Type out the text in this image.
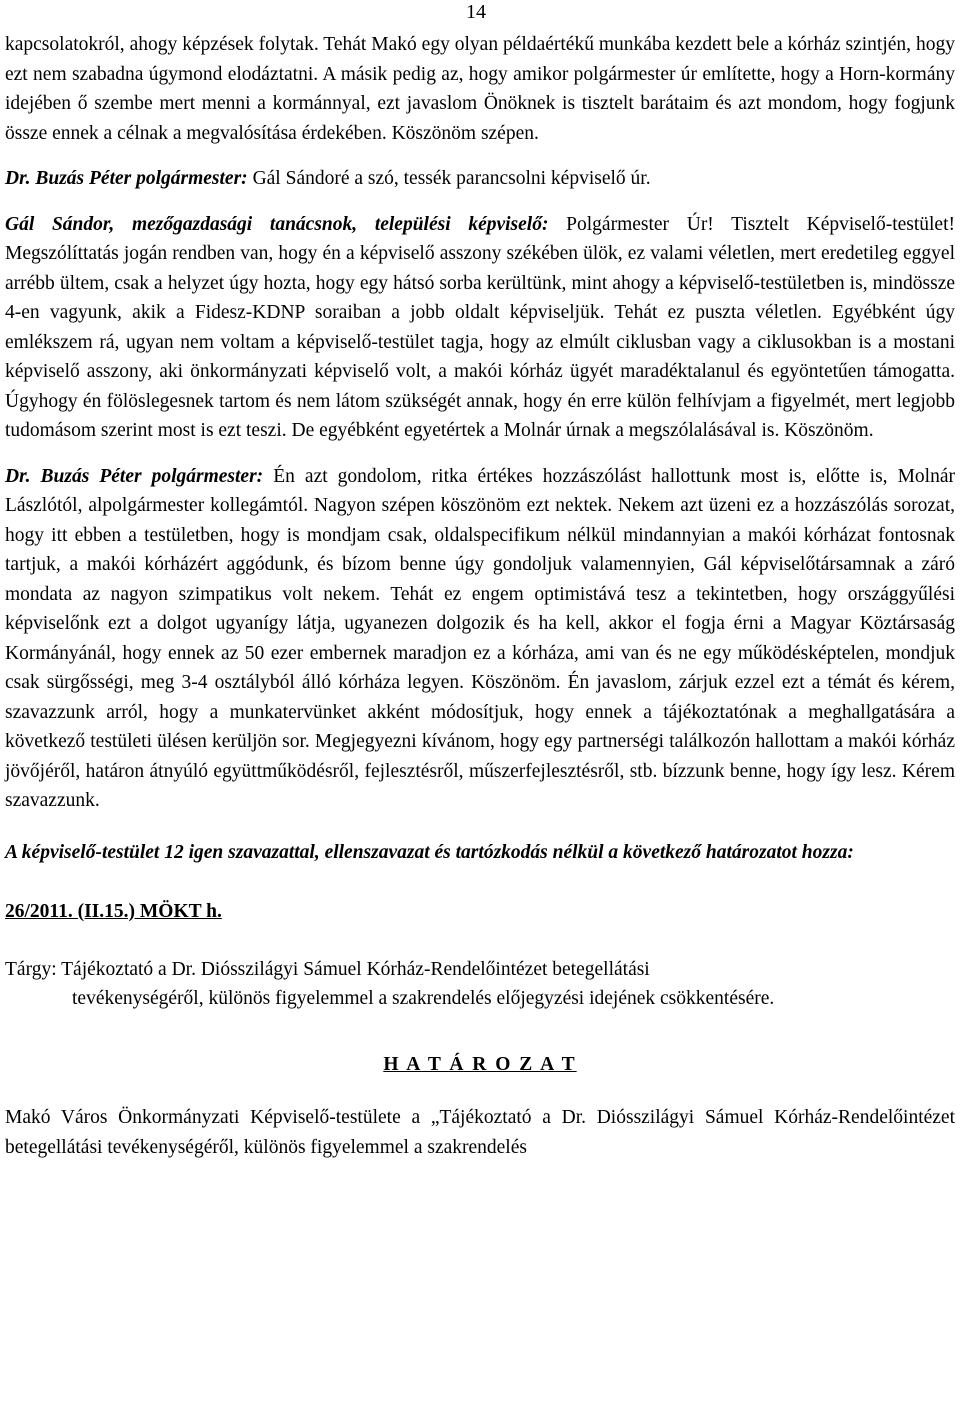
14

kapcsolatokról, ahogy képzések folytak. Tehát Makó egy olyan példaértékű munkába kezdett bele a kórház szintjén, hogy ezt nem szabadna úgymond elodáztatni. A másik pedig az, hogy amikor polgármester úr említette, hogy a Horn-kormány idejében ő szembe mert menni a kormánnyal, ezt javaslom Önöknek is tisztelt barátaim és azt mondom, hogy fogjunk össze ennek a célnak a megvalósítása érdekében. Köszönöm szépen.

Dr. Buzás Péter polgármester: Gál Sándoré a szó, tessék parancsolni képviselő úr.

Gál Sándor, mezőgazdasági tanácsnok, települési képviselő: Polgármester Úr! Tisztelt Képviselő-testület! Megszólíttatás jogán rendben van, hogy én a képviselő asszony székében ülök, ez valami véletlen, mert eredetileg eggyel arrébb ültem, csak a helyzet úgy hozta, hogy egy hátsó sorba kerültünk, mint ahogy a képviselő-testületben is, mindössze 4-en vagyunk, akik a Fidesz-KDNP soraiban a jobb oldalt képviseljük. Tehát ez puszta véletlen. Egyébként úgy emlékszem rá, ugyan nem voltam a képviselő-testület tagja, hogy az elmúlt ciklusban vagy a ciklusokban is a mostani képviselő asszony, aki önkormányzati képviselő volt, a makói kórház ügyét maradéktalanul és egyöntetűen támogatta. Úgyhogy én fölöslegesnek tartom és nem látom szükségét annak, hogy én erre külön felhívjam a figyelmét, mert legjobb tudomásom szerint most is ezt teszi. De egyébként egyetértek a Molnár úrnak a megszólalásával is. Köszönöm.

Dr. Buzás Péter polgármester: Én azt gondolom, ritka értékes hozzászólást hallottunk most is, előtte is, Molnár Lászlótól, alpolgármester kollegámtól. Nagyon szépen köszönöm ezt nektek. Nekem azt üzeni ez a hozzászólás sorozat, hogy itt ebben a testületben, hogy is mondjam csak, oldalspecifikum nélkül mindannyian a makói kórházat fontosnak tartjuk, a makói kórházért aggódunk, és bízom benne úgy gondoljuk valamennyien, Gál képviselőtársamnak a záró mondata az nagyon szimpatikus volt nekem. Tehát ez engem optimistává tesz a tekintetben, hogy országgyűlési képviselőnk ezt a dolgot ugyanígy látja, ugyanezen dolgozik és ha kell, akkor el fogja érni a Magyar Köztársaság Kormányánál, hogy ennek az 50 ezer embernek maradjon ez a kórháza, ami van és ne egy működésképtelen, mondjuk csak sürgősségi, meg 3-4 osztályból álló kórháza legyen. Köszönöm. Én javaslom, zárjuk ezzel ezt a témát és kérem, szavazzunk arról, hogy a munkatervünket akként módosítjuk, hogy ennek a tájékoztatónak a meghallgatására a következő testületi ülésen kerüljön sor. Megjegyezni kívánom, hogy egy partnerségi találkozón hallottam a makói kórház jövőjéről, határon átnyúló együttműködésről, fejlesztésről, műszerfejlesztésről, stb. bízzunk benne, hogy így lesz. Kérem szavazzunk.

A képviselő-testület 12 igen szavazattal, ellenszavazat és tartózkodás nélkül a következő határozatot hozza:

26/2011. (II.15.) MÖKT h.

Tárgy: Tájékoztató a Dr. Diósszilágyi Sámuel Kórház-Rendelőintézet betegellátási
tevékenységéről, különös figyelemmel a szakrendelés előjegyzési idejének csökkentésére.

H A T Á R O Z A T

Makó Város Önkormányzati Képviselő-testülete a „Tájékoztató a Dr. Diósszilágyi Sámuel Kórház-Rendelőintézet betegellátási tevékenységéről, különös figyelemmel a szakrendelés
